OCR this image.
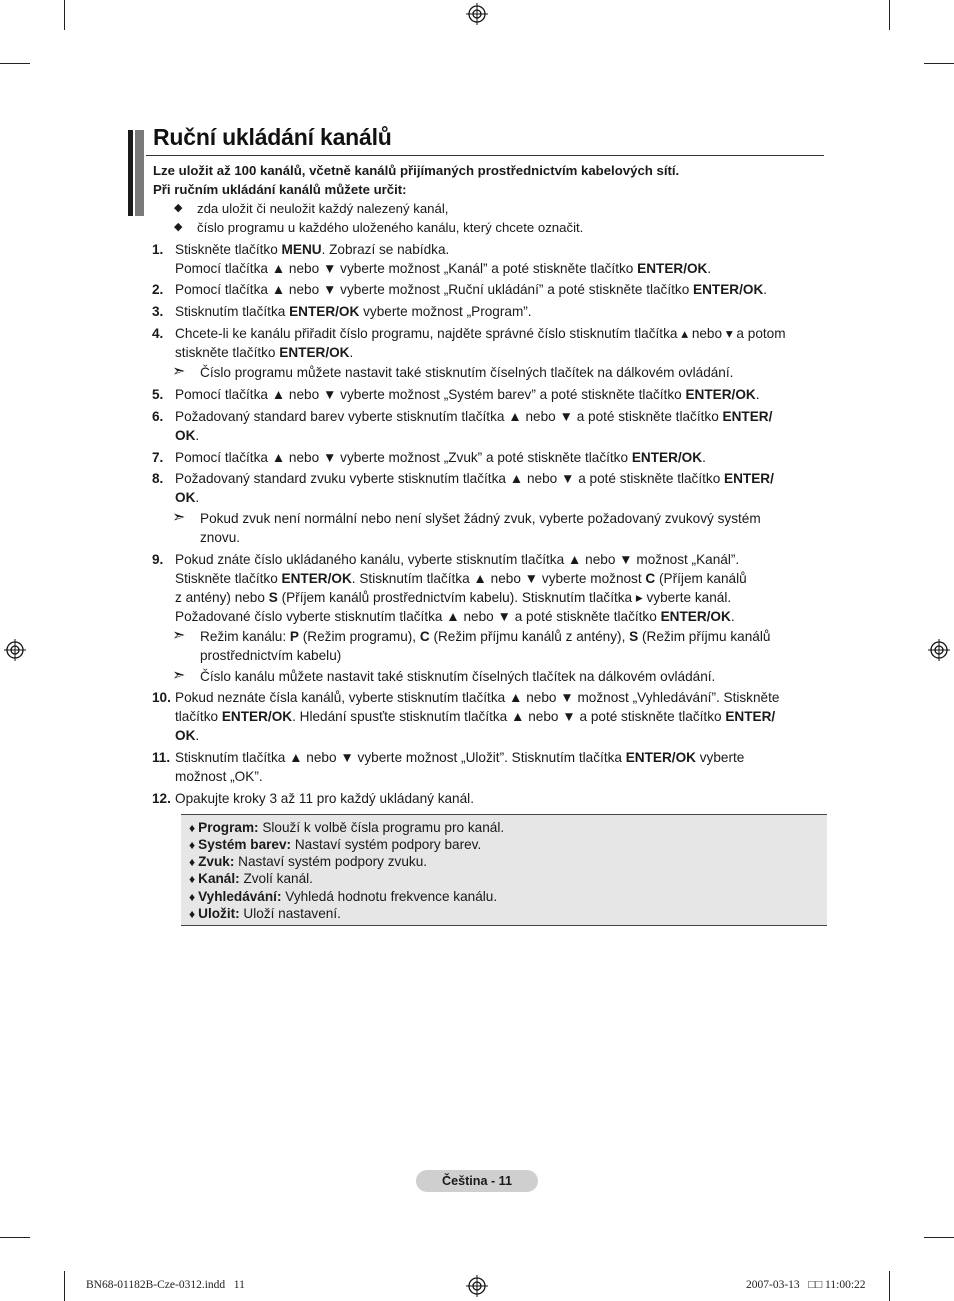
Ruční ukládání kanálů
Lze uložit až 100 kanálů, včetně kanálů přijímaných prostřednictvím kabelových sítí.
Při ručním ukládání kanálů můžete určit:
◆	zda uložit či neuložit každý nalezený kanál,
◆	číslo programu u každého uloženého kanálu, který chcete označit.
1. Stiskněte tlačítko MENU. Zobrazí se nabídka.
Pomocí tlačítka ▲ nebo ▼ vyberte možnost „Kanál” a poté stiskněte tlačítko ENTER/OK.
2. Pomocí tlačítka ▲ nebo ▼ vyberte možnost „Ruční ukládání” a poté stiskněte tlačítko ENTER/OK.
3. Stisknutím tlačítka ENTER/OK vyberte možnost „Program”.
4. Chcete-li ke kanálu přiřadit číslo programu, najděte správné číslo stisknutím tlačítka ▴ nebo ▾ a potom
stiskněte tlačítko ENTER/OK.
➣ Číslo programu můžete nastavit také stisknutím číselných tlačítek na dálkovém ovládání.
5. Pomocí tlačítka ▲ nebo ▼ vyberte možnost „Systém barev” a poté stiskněte tlačítko ENTER/OK.
6. Požadovaný standard barev vyberte stisknutím tlačítka ▲ nebo ▼ a poté stiskněte tlačítko ENTER/
OK.
7. Pomocí tlačítka ▲ nebo ▼ vyberte možnost „Zvuk” a poté stiskněte tlačítko ENTER/OK.
8. Požadovaný standard zvuku vyberte stisknutím tlačítka ▲ nebo ▼ a poté stiskněte tlačítko ENTER/
OK.
➣ Pokud zvuk není normální nebo není slyšet žádný zvuk, vyberte požadovaný zvukový systém
znovu.
9. Pokud znáte číslo ukládaného kanálu, vyberte stisknutím tlačítka ▲ nebo ▼ možnost „Kanál”.
Stiskněte tlačítko ENTER/OK. Stisknutím tlačítka ▲ nebo ▼ vyberte možnost C (Příjem kanálů
z antény) nebo S (Příjem kanálů prostřednictvím kabelu). Stisknutím tlačítka ▸ vyberte kanál.
Požadované číslo vyberte stisknutím tlačítka ▲ nebo ▼ a poté stiskněte tlačítko ENTER/OK.
➣ Režim kanálu: P (Režim programu), C (Režim příjmu kanálů z antény), S (Režim příjmu kanálů
prostřednictvím kabelu)
➣ Číslo kanálu můžete nastavit také stisknutím číselných tlačítek na dálkovém ovládání.
10. Pokud neznáte čísla kanálů, vyberte stisknutím tlačítka ▲ nebo ▼ možnost „Vyhledávání”. Stiskněte
tlačítko ENTER/OK. Hledání spusťte stisknutím tlačítka ▲ nebo ▼ a poté stiskněte tlačítko ENTER/
OK.
11. Stisknutím tlačítka ▲ nebo ▼ vyberte možnost „Uložit”. Stisknutím tlačítka ENTER/OK vyberte
možnost „OK”.
12. Opakujte kroky 3 až 11 pro každý ukládaný kanál.
♦ Program: Slouží k volbě čísla programu pro kanál.
♦ Systém barev: Nastaví systém podpory barev.
♦ Zvuk: Nastaví systém podpory zvuku.
♦ Kanál: Zvolí kanál.
♦ Vyhledávání: Vyhledá hodnotu frekvence kanálu.
♦ Uložit: Uloží nastavení.
Čeština - 11
BN68-01182B-Cze-0312.indd   11	2007-03-13   □□ 11:00:22
